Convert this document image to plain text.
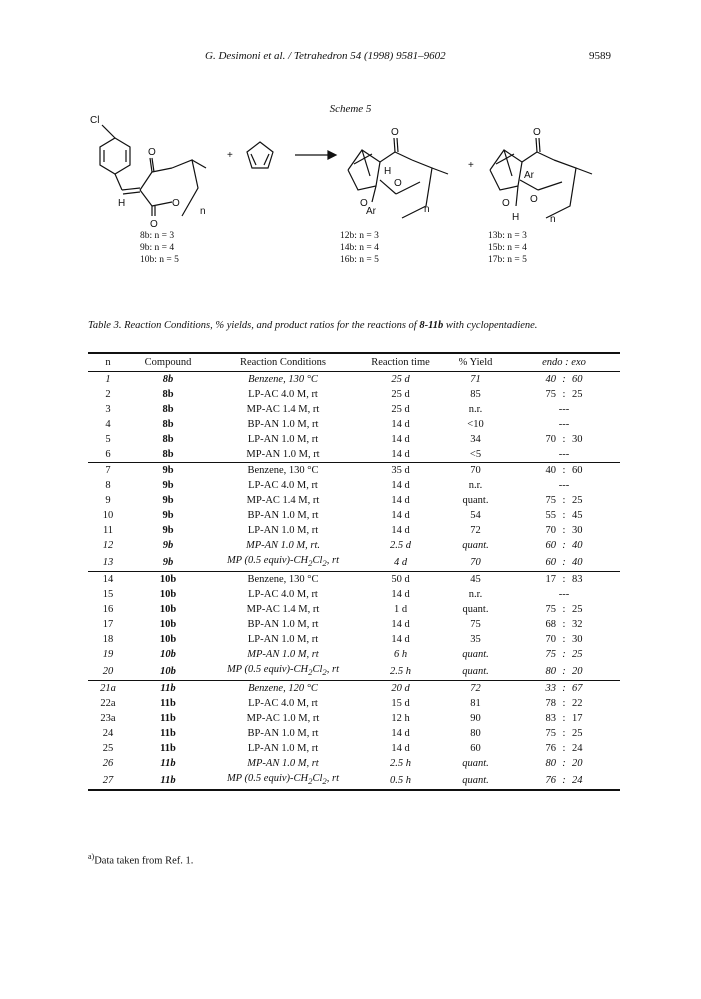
G. Desimoni et al. / Tetrahedron 54 (1998) 9581–9602	9589
Scheme 5
Cl
O
O
O
H
n
+
O
H
O
O
Ar	n
+
O
Ar
O
O
H	n
8b: n = 3
9b: n = 4
10b: n = 5
12b: n = 3
14b: n = 4
16b: n = 5
13b: n = 3
15b: n = 4
17b: n = 5
Table 3. Reaction Conditions, % yields, and product ratios for the reactions of 8-11b with cyclopentadiene.
n	Compound	Reaction Conditions	Reaction time	% Yield	endo : exo
1	8b	Benzene, 130 °C	25 d	71	40 : 60
2	8b	LP-AC 4.0 M, rt	25 d	85	75 : 25
3	8b	MP-AC 1.4 M, rt	25 d	n.r.	---
4	8b	BP-AN 1.0 M, rt	14 d	<10	---
5	8b	LP-AN 1.0 M, rt	14 d	34	70 : 30
6	8b	MP-AN 1.0 M, rt	14 d	<5	---
7	9b	Benzene, 130 °C	35 d	70	40 : 60
8	9b	LP-AC 4.0 M, rt	14 d	n.r.	---
9	9b	MP-AC 1.4 M, rt	14 d	quant.	75 : 25
10	9b	BP-AN 1.0 M, rt	14 d	54	55 : 45
11	9b	LP-AN 1.0 M, rt	14 d	72	70 : 30
12	9b	MP-AN 1.0 M, rt.	2.5 d	quant.	60 : 40
13	9b	MP (0.5 $equiv)-CH_2Cl_2$, rt	4 d	70	60 : 40
14	10b	Benzene, 130 °C	50 d	45	17 : 83
15	10b	LP-AC 4.0 M, rt	14 d	n.r.	---
16	10b	MP-AC 1.4 M, rt	1 d	quant.	75 : 25
17	10b	BP-AN 1.0 M, rt	14 d	75	68 : 32
18	10b	LP-AN 1.0 M, rt	14 d	35	70 : 30
19	10b	MP-AN 1.0 M, rt	6 h	quant.	75 : 25
20	10b	MP (0.5 $equiv)-CH_2Cl_2$, rt	2.5 h	quant.	80 : 20
21a	11b	Benzene, 120 °C	20 d	72	33 : 67
22a	11b	LP-AC 4.0 M, rt	15 d	81	78 : 22
23a	11b	MP-AC 1.0 M, rt	12 h	90	83 : 17
24	11b	BP-AN 1.0 M, rt	14 d	80	75 : 25
25	11b	LP-AN 1.0 M, rt	14 d	60	76 : 24
26	11b	MP-AN 1.0 M, rt	2.5 h	quant.	80 : 20
27	11b	MP (0.5 $equiv)-CH_2Cl_2$, rt	0.5 h	quant.	76 : 24
$^{a)}$Data taken from Ref. 1.
